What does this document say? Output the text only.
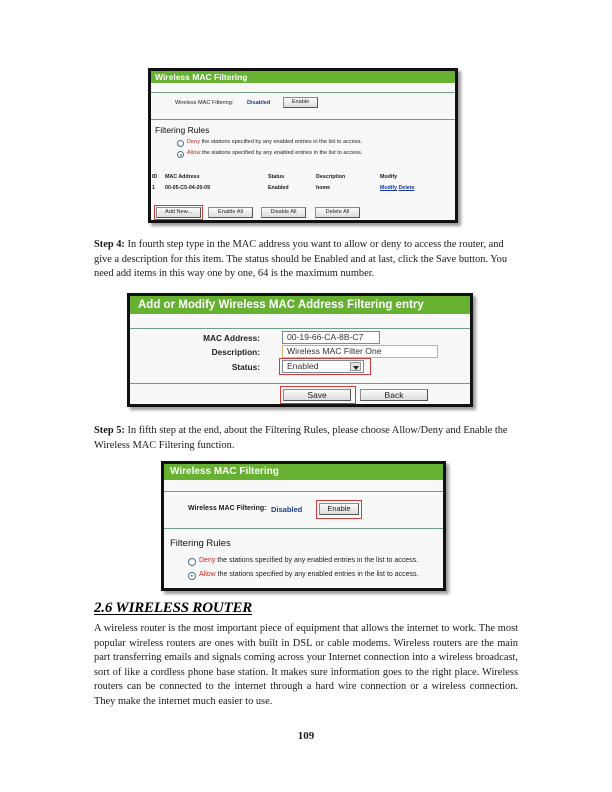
Wireless MAC Filtering
Wireless MAC Filtering: Disabled	Enable
Filtering Rules
Deny the stations specified by any enabled entries in the list to access.
Allow the stations specified by any enabled entries in the list to access.
ID MAC Address	Status	Description	Modify
1 00-05-C5-04-20-09	Enabled	home	Modify Delete
Add New...	Enable All	Disable All	Delete All
Step 4: In fourth step type in the MAC address you want to allow or deny to access the router, and give a description for this item. The status should be Enabled and at last, click the Save button. You need add items in this way one by one, 64 is the maximum number.
Add or Modify Wireless MAC Address Filtering entry
MAC Address:	00-19-66-CA-8B-C7
Description:	Wireless MAC Filter One
Status:	Enabled
Save	Back
Step 5: In fifth step at the end, about the Filtering Rules, please choose Allow/Deny and Enable the Wireless MAC Filtering function.
Wireless MAC Filtering
Wireless MAC Filtering: Disabled	Enable
Filtering Rules
Deny the stations specified by any enabled entries in the list to access.
Allow the stations specified by any enabled entries in the list to access.
2.6 WIRELESS ROUTER
A wireless router is the most important piece of equipment that allows the internet to work. The most popular wireless routers are ones with built in DSL or cable modems. Wireless routers are the main part transferring emails and signals coming across your Internet connection into a wireless broadcast, sort of like a cordless phone base station. It makes sure information goes to the right place. Wireless routers can be connected to the internet through a hard wire connection or a wireless connection. They make the internet much easier to use.
109
